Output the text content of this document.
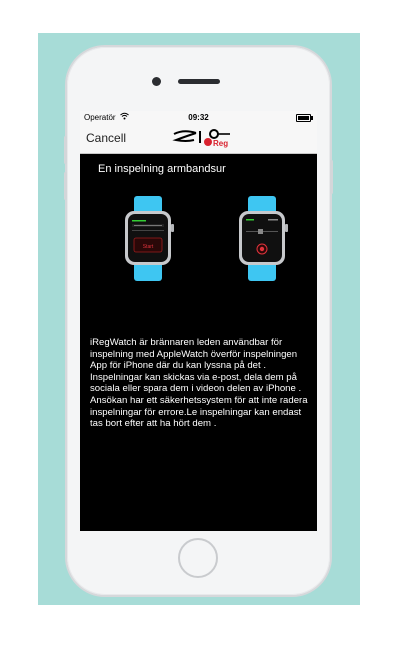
Operatör	09:32
Cancell	Reg
En inspelning armbandsur
Start
iRegWatch är brännaren leden användbar för inspelning med AppleWatch överför inspelningen App för iPhone där du kan lyssna på det . Inspelningar kan skickas via e-post, dela dem på sociala eller spara dem i videon delen av iPhone . Ansökan har ett säkerhetssystem för att inte radera inspelningar för errore.Le inspelningar kan endast tas bort efter att ha hört dem .
